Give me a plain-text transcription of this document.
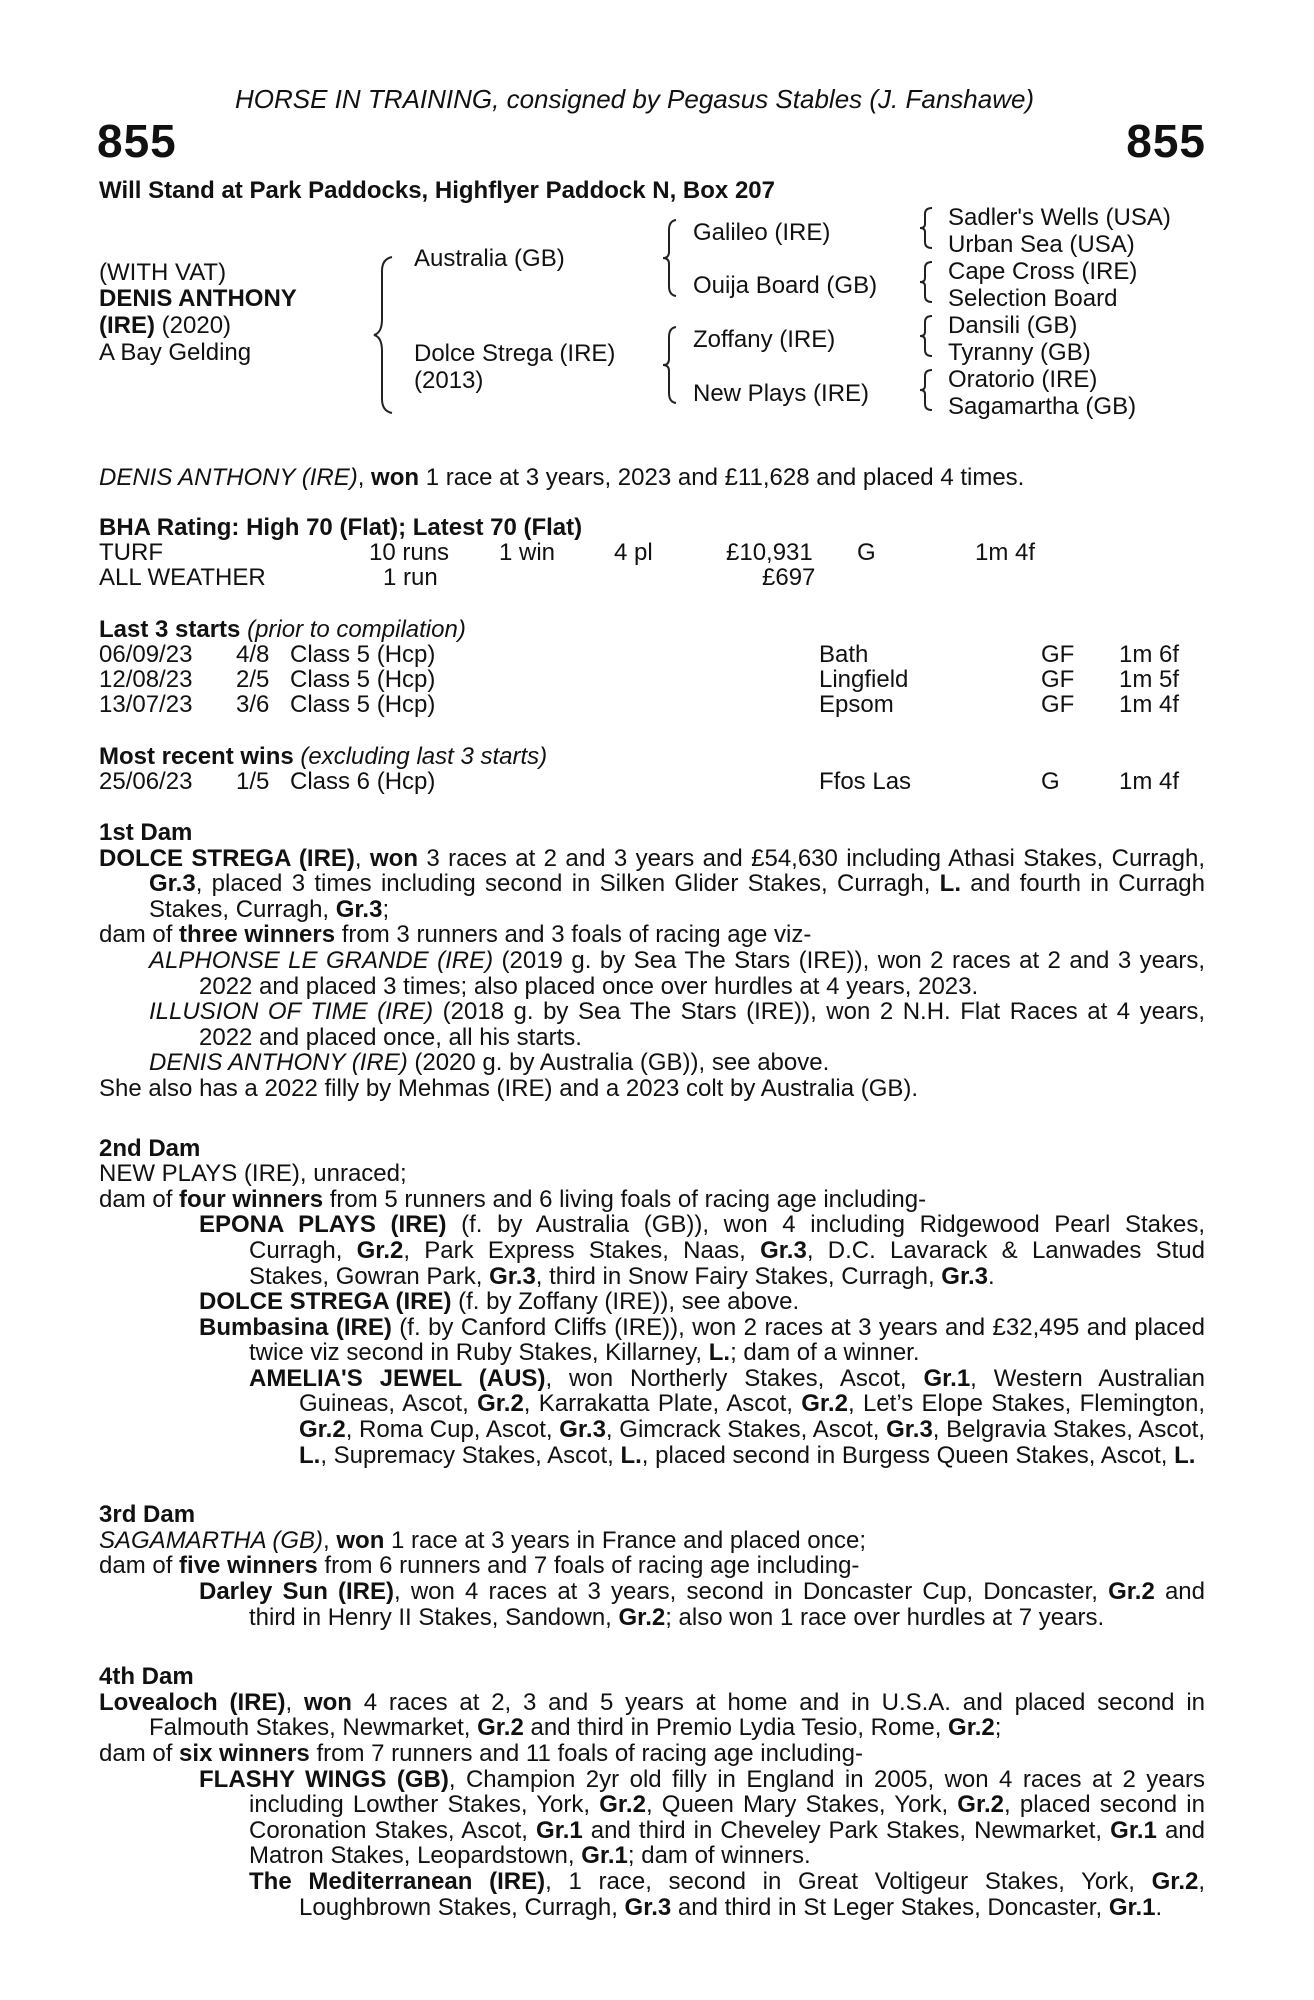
HORSE IN TRAINING, consigned by Pegasus Stables (J. Fanshawe)
855	855
Will Stand at Park Paddocks, Highflyer Paddock N, Box 207
(WITH VAT)
DENIS ANTHONY
(IRE) (2020)
A Bay Gelding
Australia (GB)
Dolce Strega (IRE)
(2013)
Galileo (IRE)
Ouija Board (GB)
Zoffany (IRE)
New Plays (IRE)
Sadler's Wells (USA)
Urban Sea (USA)
Cape Cross (IRE)
Selection Board
Dansili (GB)
Tyranny (GB)
Oratorio (IRE)
Sagamartha (GB)
DENIS ANTHONY (IRE), won 1 race at 3 years, 2023 and £11,628 and placed 4 times.
BHA Rating: High 70 (Flat); Latest 70 (Flat)
TURF	10 runs 1 win 4 pl	£10,931 G	1m 4f
ALL WEATHER	1 run	£697
Last 3 starts (prior to compilation)
06/09/23 4/8 Class 5 (Hcp)	Bath	GF 1m 6f
12/08/23 2/5 Class 5 (Hcp)	Lingfield	GF 1m 5f
13/07/23 3/6 Class 5 (Hcp)	Epsom	GF 1m 4f
Most recent wins (excluding last 3 starts)
25/06/23 1/5 Class 6 (Hcp)	Ffos Las	G 1m 4f
1st Dam
DOLCE STREGA (IRE), won 3 races at 2 and 3 years and £54,630 including Athasi Stakes, Curragh, Gr.3, placed 3 times including second in Silken Glider Stakes, Curragh, L. and fourth in Curragh Stakes, Curragh, Gr.3;
dam of three winners from 3 runners and 3 foals of racing age viz-
ALPHONSE LE GRANDE (IRE) (2019 g. by Sea The Stars (IRE)), won 2 races at 2 and 3 years, 2022 and placed 3 times; also placed once over hurdles at 4 years, 2023.
ILLUSION OF TIME (IRE) (2018 g. by Sea The Stars (IRE)), won 2 N.H. Flat Races at 4 years, 2022 and placed once, all his starts.
DENIS ANTHONY (IRE) (2020 g. by Australia (GB)), see above.
She also has a 2022 filly by Mehmas (IRE) and a 2023 colt by Australia (GB).
2nd Dam
NEW PLAYS (IRE), unraced;
dam of four winners from 5 runners and 6 living foals of racing age including-
EPONA PLAYS (IRE) (f. by Australia (GB)), won 4 including Ridgewood Pearl Stakes, Curragh, Gr.2, Park Express Stakes, Naas, Gr.3, D.C. Lavarack & Lanwades Stud Stakes, Gowran Park, Gr.3, third in Snow Fairy Stakes, Curragh, Gr.3.
DOLCE STREGA (IRE) (f. by Zoffany (IRE)), see above.
Bumbasina (IRE) (f. by Canford Cliffs (IRE)), won 2 races at 3 years and £32,495 and placed twice viz second in Ruby Stakes, Killarney, L.; dam of a winner.
AMELIA'S JEWEL (AUS), won Northerly Stakes, Ascot, Gr.1, Western Australian Guineas, Ascot, Gr.2, Karrakatta Plate, Ascot, Gr.2, Let’s Elope Stakes, Flemington, Gr.2, Roma Cup, Ascot, Gr.3, Gimcrack Stakes, Ascot, Gr.3, Belgravia Stakes, Ascot, L., Supremacy Stakes, Ascot, L., placed second in Burgess Queen Stakes, Ascot, L.
3rd Dam
SAGAMARTHA (GB), won 1 race at 3 years in France and placed once;
dam of five winners from 6 runners and 7 foals of racing age including-
Darley Sun (IRE), won 4 races at 3 years, second in Doncaster Cup, Doncaster, Gr.2 and third in Henry II Stakes, Sandown, Gr.2; also won 1 race over hurdles at 7 years.
4th Dam
Lovealoch (IRE), won 4 races at 2, 3 and 5 years at home and in U.S.A. and placed second in Falmouth Stakes, Newmarket, Gr.2 and third in Premio Lydia Tesio, Rome, Gr.2;
dam of six winners from 7 runners and 11 foals of racing age including-
FLASHY WINGS (GB), Champion 2yr old filly in England in 2005, won 4 races at 2 years including Lowther Stakes, York, Gr.2, Queen Mary Stakes, York, Gr.2, placed second in Coronation Stakes, Ascot, Gr.1 and third in Cheveley Park Stakes, Newmarket, Gr.1 and Matron Stakes, Leopardstown, Gr.1; dam of winners.
The Mediterranean (IRE), 1 race, second in Great Voltigeur Stakes, York, Gr.2, Loughbrown Stakes, Curragh, Gr.3 and third in St Leger Stakes, Doncaster, Gr.1.
